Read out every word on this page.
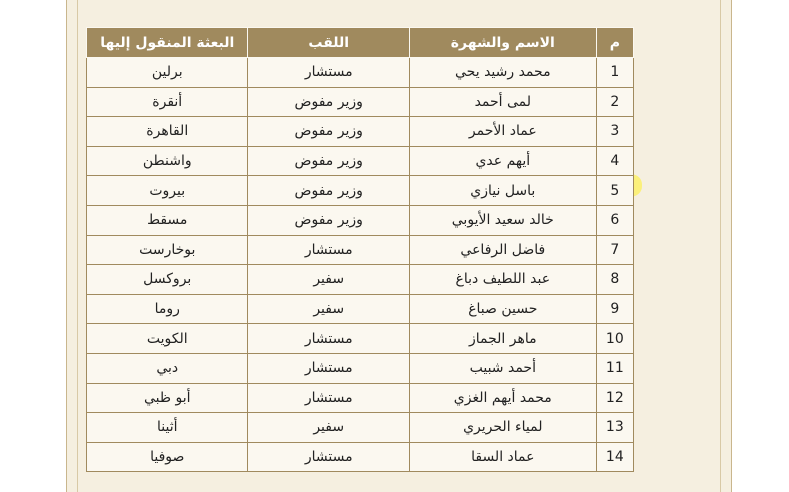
م	الاسم والشهرة	اللقب	البعثة المنقول إليها
1	محمد رشيد يحي	مستشار	برلين
2	لمى أحمد	وزير مفوض	أنقرة
3	عماد الأحمر	وزير مفوض	القاهرة
4	أيهم عدي	وزير مفوض	واشنطن
5	باسل نيازي	وزير مفوض	بيروت
6	خالد سعيد الأيوبي	وزير مفوض	مسقط
7	فاضل الرفاعي	مستشار	بوخارست
8	عبد اللطيف دباغ	سفير	بروكسل
9	حسين صباغ	سفير	روما
10	ماهر الجماز	مستشار	الكويت
11	أحمد شبيب	مستشار	دبي
12	محمد أيهم الغزي	مستشار	أبو ظبي
13	لمياء الحريري	سفير	أثينا
14	عماد السقا	مستشار	صوفيا
